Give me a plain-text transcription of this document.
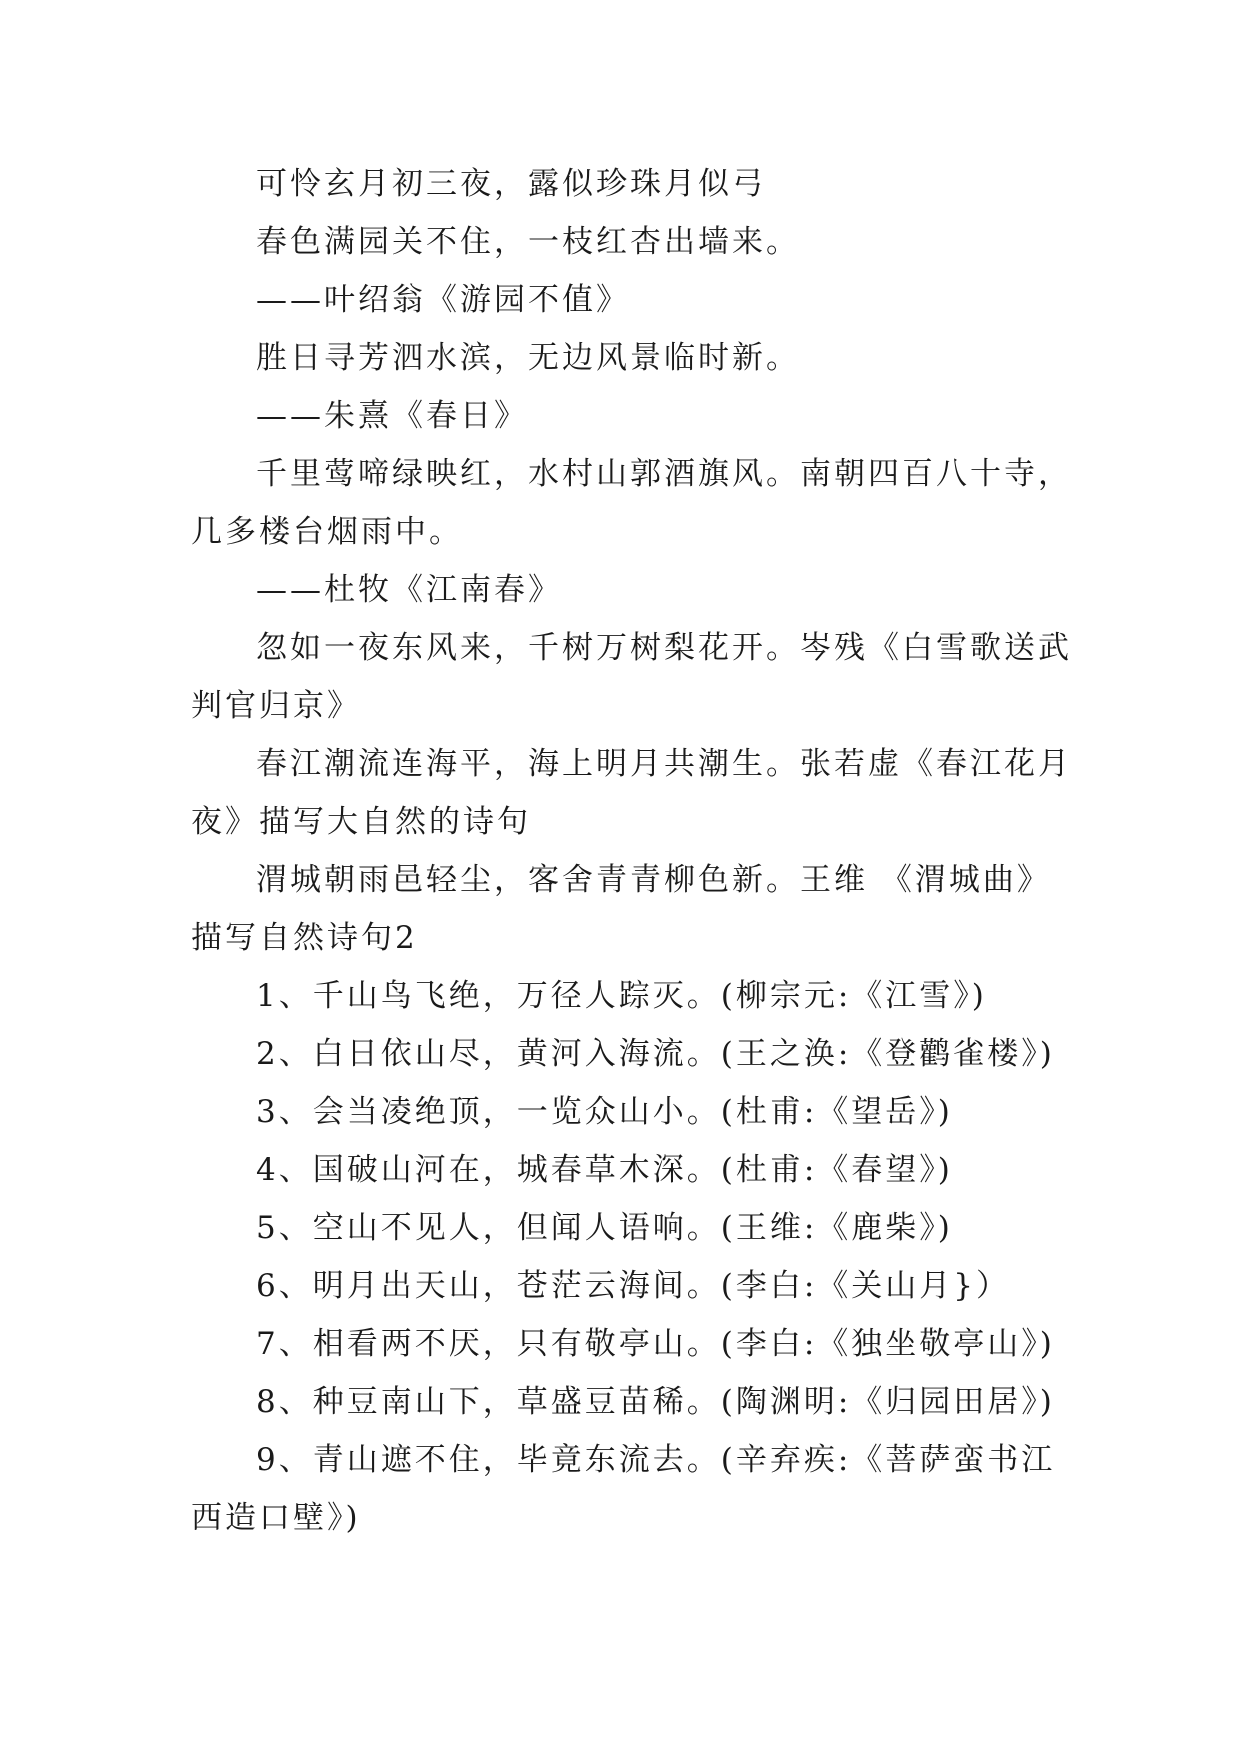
可怜玄月初三夜，露似珍珠月似弓
春色满园关不住，一枝红杏出墙来。
——叶绍翁《游园不值》
胜日寻芳泗水滨，无边风景临时新。
——朱熹《春日》
千里莺啼绿映红，水村山郭酒旗风。南朝四百八十寺，
几多楼台烟雨中。
——杜牧《江南春》
忽如一夜东风来，千树万树梨花开。岑残《白雪歌送武
判官归京》
春江潮流连海平，海上明月共潮生。张若虚《春江花月
夜》描写大自然的诗句
渭城朝雨邑轻尘，客舍青青柳色新。王维 《渭城曲》
描写自然诗句2
1、千山鸟飞绝，万径人踪灭。(柳宗元:《江雪》)
2、白日依山尽，黄河入海流。(王之涣:《登鹳雀楼》)
3、会当凌绝顶，一览众山小。(杜甫:《望岳》)
4、国破山河在，城春草木深。(杜甫:《春望》)
5、空山不见人，但闻人语响。(王维:《鹿柴》)
6、明月出天山，苍茫云海间。(李白:《关山月}）
7、相看两不厌，只有敬亭山。(李白:《独坐敬亭山》)
8、种豆南山下，草盛豆苗稀。(陶渊明:《归园田居》)
9、青山遮不住，毕竟东流去。(辛弃疾:《菩萨蛮书江
西造口壁》)
